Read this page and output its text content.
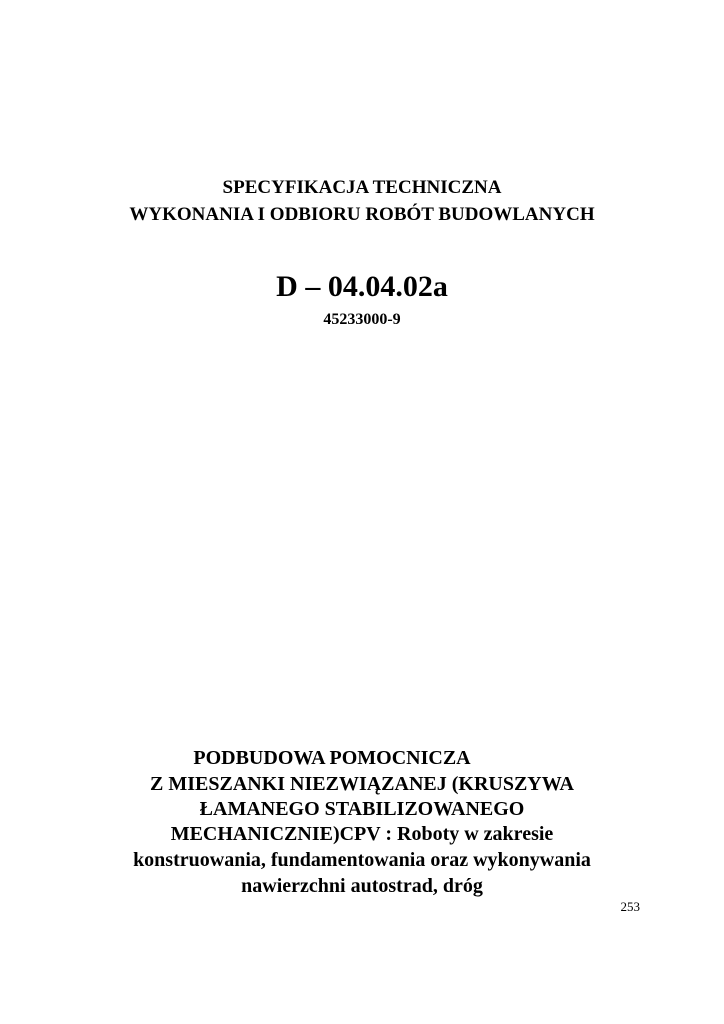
SPECYFIKACJA TECHNICZNA

WYKONANIA I ODBIORU ROBÓT BUDOWLANYCH

D – 04.04.02a

45233000-9

PODBUDOWA POMOCNICZA

Z MIESZANKI NIEZWIĄZANEJ (KRUSZYWA

ŁAMANEGO STABILIZOWANEGO

MECHANICZNIE)CPV : Roboty w zakresie

konstruowania, fundamentowania oraz wykonywania

nawierzchni autostrad, dróg

253
